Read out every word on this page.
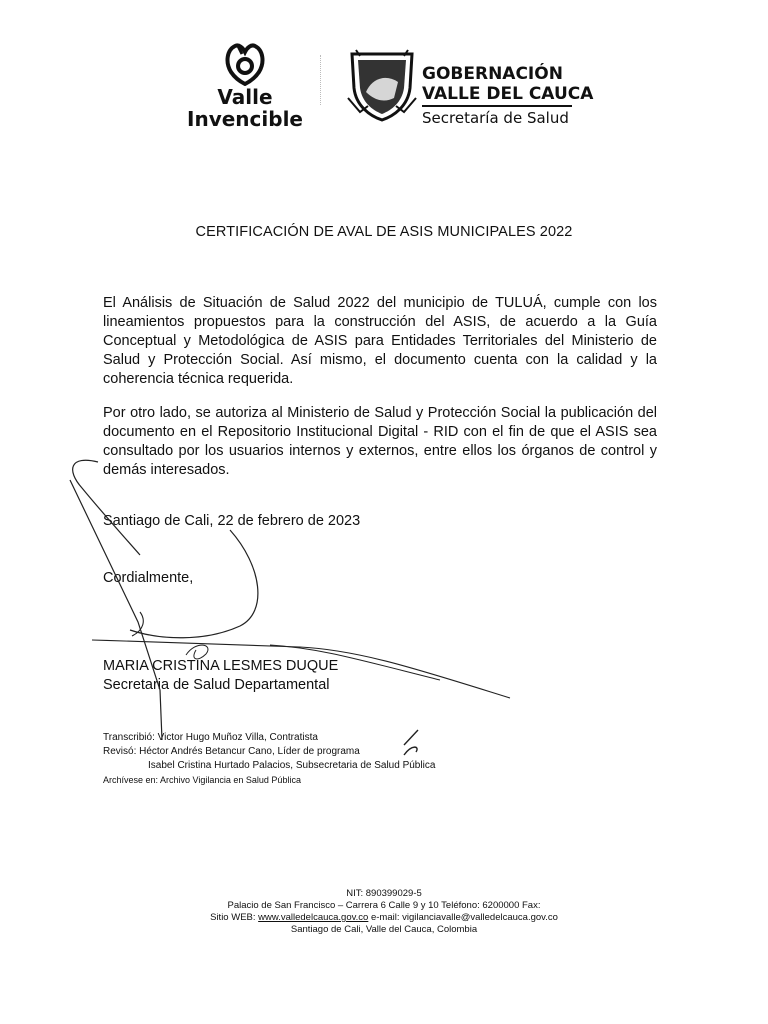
Valle
Invencible
GOBERNACIÓN
VALLE DEL CAUCA
Secretaría de Salud
CERTIFICACIÓN DE AVAL DE ASIS MUNICIPALES 2022
El Análisis de Situación de Salud 2022 del municipio de TULUÁ, cumple con los lineamientos propuestos para la construcción del ASIS, de acuerdo a la Guía Conceptual y Metodológica de ASIS para Entidades Territoriales del Ministerio de Salud y Protección Social. Así mismo, el documento cuenta con la calidad y la coherencia técnica requerida.
Por otro lado, se autoriza al Ministerio de Salud y Protección Social la publicación del documento en el Repositorio Institucional Digital - RID con el fin de que el ASIS sea consultado por los usuarios internos y externos, entre ellos los órganos de control y demás interesados.
Santiago de Cali, 22 de febrero de 2023
Cordialmente,
MARIA CRISTINA LESMES DUQUE
Secretaria de Salud Departamental
Transcribió: Victor Hugo Muñoz Villa, Contratista
Revisó: Héctor Andrés Betancur Cano, Líder de programa
Isabel Cristina Hurtado Palacios, Subsecretaria de Salud Pública
Archívese en: Archivo Vigilancia en Salud Pública
NIT: 890399029-5
Palacio de San Francisco – Carrera 6 Calle 9 y 10 Teléfono: 6200000 Fax:
Sitio WEB: www.valledelcauca.gov.co e-mail: vigilanciavalle@valledelcauca.gov.co
Santiago de Cali, Valle del Cauca, Colombia
